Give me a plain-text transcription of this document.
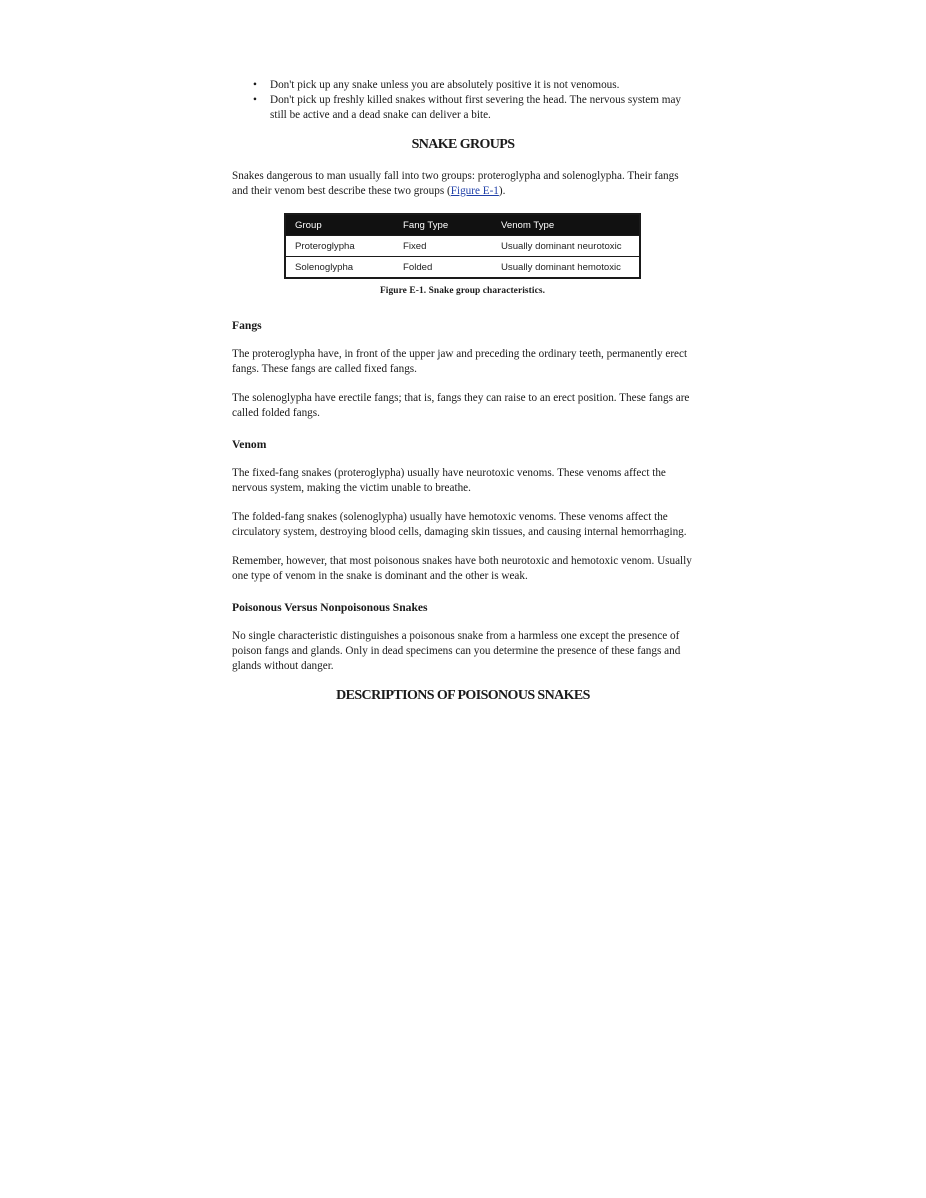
• Don't pick up any snake unless you are absolutely positive it is not venomous.
• Don't pick up freshly killed snakes without first severing the head. The nervous system may still be active and a dead snake can deliver a bite.
SNAKE GROUPS

Snakes dangerous to man usually fall into two groups: proteroglypha and solenoglypha. Their fangs and their venom best describe these two groups (Figure E-1).

Group	Fang Type	Venom Type
Proteroglypha	Fixed	Usually dominant neurotoxic
Solenoglypha	Folded	Usually dominant hemotoxic
Figure E-1. Snake group characteristics.
Fangs

The proteroglypha have, in front of the upper jaw and preceding the ordinary teeth, permanently erect fangs. These fangs are called fixed fangs.

The solenoglypha have erectile fangs; that is, fangs they can raise to an erect position. These fangs are called folded fangs.

Venom

The fixed-fang snakes (proteroglypha) usually have neurotoxic venoms. These venoms affect the nervous system, making the victim unable to breathe.

The folded-fang snakes (solenoglypha) usually have hemotoxic venoms. These venoms affect the circulatory system, destroying blood cells, damaging skin tissues, and causing internal hemorrhaging.

Remember, however, that most poisonous snakes have both neurotoxic and hemotoxic venom. Usually one type of venom in the snake is dominant and the other is weak.

Poisonous Versus Nonpoisonous Snakes

No single characteristic distinguishes a poisonous snake from a harmless one except the presence of poison fangs and glands. Only in dead specimens can you determine the presence of these fangs and glands without danger.

DESCRIPTIONS OF POISONOUS SNAKES
